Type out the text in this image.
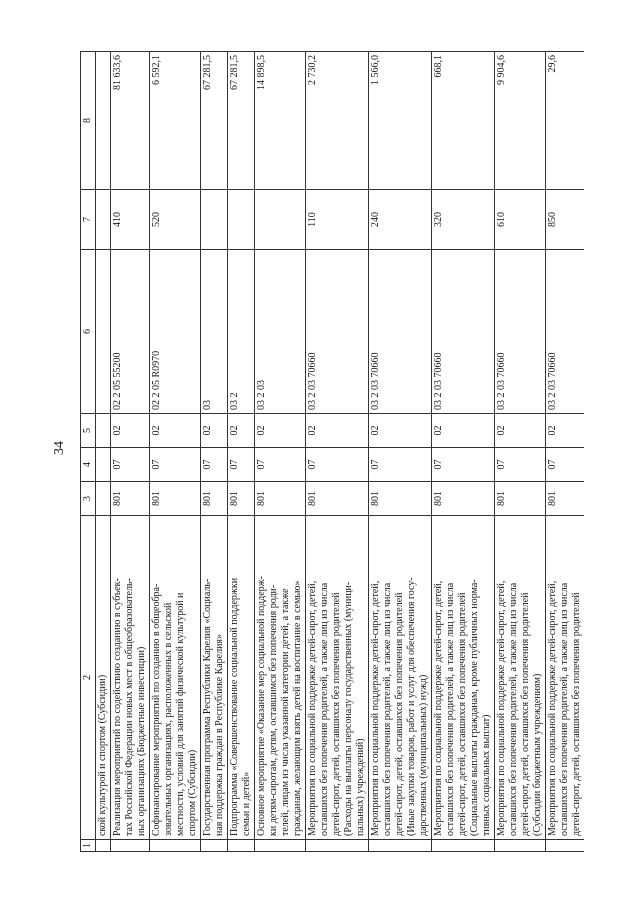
34
1	2	3	4	5	6	7	8
	ской культурой и спортом (Субсидии)						
	Реализация мероприятий по содействию созданию в субъек-
тах Российской Федерации новых мест в общеобразователь-
ных организациях (Бюджетные инвестиции)	801	07	02	02 2 05 55200	410	81 633,6
	Софинансирование мероприятий по созданию в общеобра-
зовательных организациях, расположенных в сельской
местности, условий для занятий физической культурой и
спортом (Субсидии)	801	07	02	02 2 05 R0970	520	6 592,1
	Государственная программа Республики Карелия «Социаль-
ная поддержка граждан в Республике Карелия»	801	07	02	03		67 281,5
	Подпрограмма «Совершенствование социальной поддержки
семьи и детей»	801	07	02	03 2		67 281,5
	Основное мероприятие «Оказание мер социальной поддерж-
ки детям-сиротам, детям, оставшимся без попечения роди-
телей, лицам из числа указанной категории детей, а также
гражданам, желающим взять детей на воспитание в семью»	801	07	02	03 2 03		14 898,5
	Мероприятия по социальной поддержке детей-сирот, детей,
оставшихся без попечения родителей, а также лиц из числа
детей-сирот, детей, оставшихся без попечения родителей
(Расходы на выплаты персоналу государственных (муници-
пальных) учреждений)	801	07	02	03 2 03 70660	110	2 730,2
	Мероприятия по социальной поддержке детей-сирот, детей,
оставшихся без попечения родителей, а также лиц из числа
детей-сирот, детей, оставшихся без попечения родителей
(Иные закупки товаров, работ и услуг для обеспечения госу-
дарственных (муниципальных) нужд)	801	07	02	03 2 03 70660	240	1 566,0
	Мероприятия по социальной поддержке детей-сирот, детей,
оставшихся без попечения родителей, а также лиц из числа
детей-сирот, детей, оставшихся без попечения родителей
(Социальные выплаты гражданам, кроме публичных норма-
тивных социальных выплат)	801	07	02	03 2 03 70660	320	668,1
	Мероприятия по социальной поддержке детей-сирот, детей,
оставшихся без попечения родителей, а также лиц из числа
детей-сирот, детей, оставшихся без попечения родителей
(Субсидии бюджетным учреждениям)	801	07	02	03 2 03 70660	610	9 904,6
	Мероприятия по социальной поддержке детей-сирот, детей,
оставшихся без попечения родителей, а также лиц из числа
детей-сирот, детей, оставшихся без попечения родителей	801	07	02	03 2 03 70660	850	29,6
